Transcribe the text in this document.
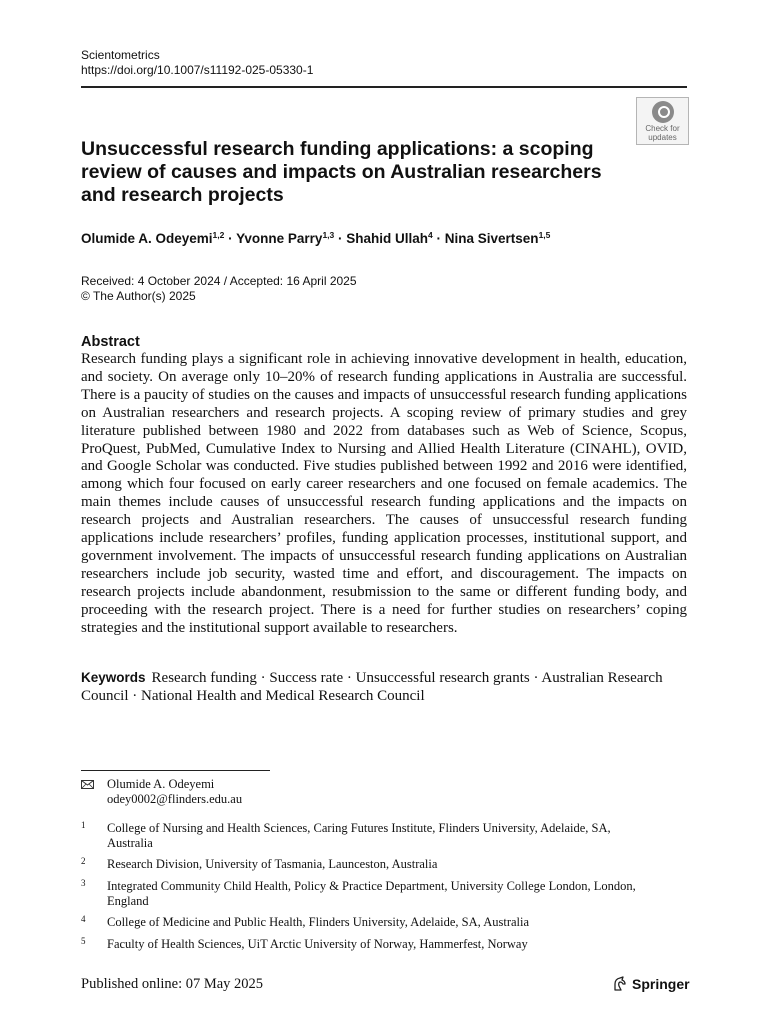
Scientometrics
https://doi.org/10.1007/s11192-025-05330-1
Check for
updates
Unsuccessful research funding applications: a scoping review of causes and impacts on Australian researchers and research projects
Olumide A. Odeyemi$^{1,2}$ · Yvonne Parry$^{1,3}$ · Shahid Ullah$^4$ · Nina Sivertsen$^{1,5}$
Received: 4 October 2024 / Accepted: 16 April 2025
© The Author(s) 2025
Abstract

Research funding plays a significant role in achieving innovative development in health, education, and society. On average only 10–20% of research funding applications in Australia are successful. There is a paucity of studies on the causes and impacts of unsuccessful research funding applications on Australian researchers and research projects. A scoping review of primary studies and grey literature published between 1980 and 2022 from databases such as Web of Science, Scopus, ProQuest, PubMed, Cumulative Index to Nursing and Allied Health Literature (CINAHL), OVID, and Google Scholar was conducted. Five studies published between 1992 and 2016 were identified, among which four focused on early career researchers and one focused on female academics. The main themes include causes of unsuccessful research funding applications and the impacts on research projects and Australian researchers. The causes of unsuccessful research funding applications include researchers’ profiles, funding application processes, institutional support, and government involvement. The impacts of unsuccessful research funding applications on Australian researchers include job security, wasted time and effort, and discouragement. The impacts on research projects include abandonment, resubmission to the same or different funding body, and proceeding with the research project. There is a need for further studies on researchers’ coping strategies and the institutional support available to researchers.

Keywords Research funding · Success rate · Unsuccessful research grants · Australian Research Council · National Health and Medical Research Council
Olumide A. Odeyemi
odey0002@flinders.edu.au
1 College of Nursing and Health Sciences, Caring Futures Institute, Flinders University, Adelaide, SA, Australia
2 Research Division, University of Tasmania, Launceston, Australia
3 Integrated Community Child Health, Policy & Practice Department, University College London, London, England
4 College of Medicine and Public Health, Flinders University, Adelaide, SA, Australia
5 Faculty of Health Sciences, UiT Arctic University of Norway, Hammerfest, Norway
Published online: 07 May 2025	Springer
